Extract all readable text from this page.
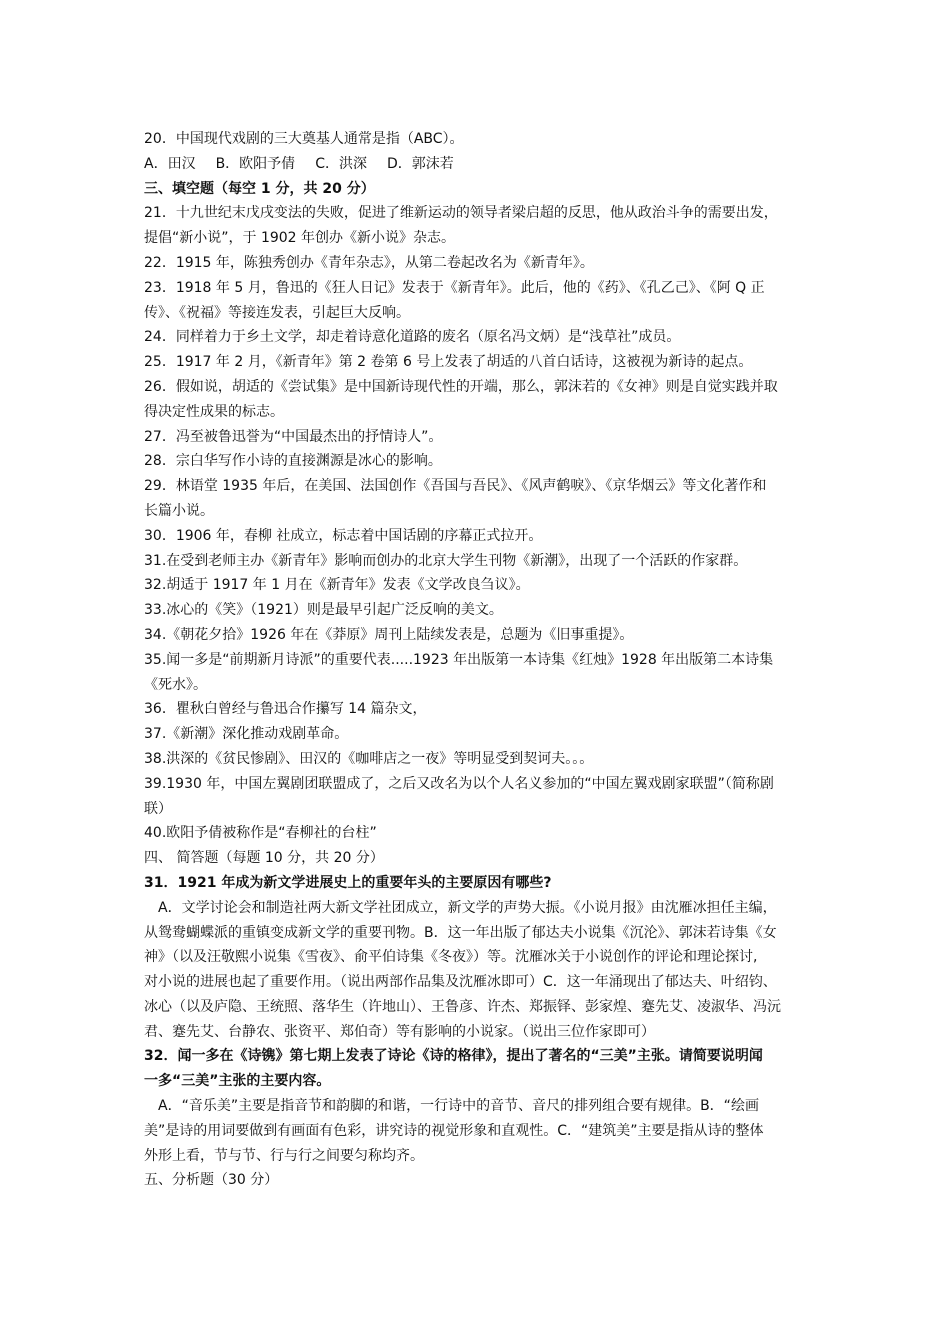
20．中国现代戏剧的三大奠基人通常是指（ABC）。
A．田汉 B．欧阳予倩 C．洪深 D．郭沫若
三、填空题（每空 1 分，共 20 分）
21．十九世纪末戊戌变法的失败，促进了维新运动的领导者梁启超的反思，他从政治斗争的需要出发，
提倡“新小说”，于 1902 年创办《新小说》杂志。
22．1915 年，陈独秀创办《青年杂志》，从第二卷起改名为《新青年》。
23．1918 年 5 月，鲁迅的《狂人日记》发表于《新青年》。此后，他的《药》、《孔乙己》、《阿 Q 正
传》、《祝福》等接连发表，引起巨大反响。
24．同样着力于乡土文学，却走着诗意化道路的废名（原名冯文炳）是“浅草社”成员。
25．1917 年 2 月，《新青年》第 2 卷第 6 号上发表了胡适的八首白话诗，这被视为新诗的起点。
26．假如说，胡适的《尝试集》是中国新诗现代性的开端，那么，郭沫若的《女神》则是自觉实践并取
得决定性成果的标志。
27．冯至被鲁迅誉为“中国最杰出的抒情诗人”。
28．宗白华写作小诗的直接渊源是冰心的影响。
29．林语堂 1935 年后，在美国、法国创作《吾国与吾民》、《风声鹤唳》、《京华烟云》等文化著作和
长篇小说。
30．1906 年，春柳 社成立，标志着中国话剧的序幕正式拉开。
31.在受到老师主办《新青年》影响而创办的北京大学生刊物《新潮》，出现了一个活跃的作家群。
32.胡适于 1917 年 1 月在《新青年》发表《文学改良刍议》。
33.冰心的《笑》（1921）则是最早引起广泛反响的美文。
34.《朝花夕拾》1926 年在《莽原》周刊上陆续发表是，总题为《旧事重提》。
35.闻一多是“前期新月诗派”的重要代表.....1923 年出版第一本诗集《红烛》1928 年出版第二本诗集
《死水》。
36．瞿秋白曾经与鲁迅合作攥写 14 篇杂文，
37.《新潮》深化推动戏剧革命。
38.洪深的《贫民惨剧》、田汉的《咖啡店之一夜》等明显受到契诃夫。。。
39.1930 年，中国左翼剧团联盟成了，之后又改名为以个人名义参加的“中国左翼戏剧家联盟”（简称剧
联）
40.欧阳予倩被称作是“春柳社的台柱”
四、 简答题（每题 10 分，共 20 分）
31．1921 年成为新文学进展史上的重要年头的主要原因有哪些?
A．文学讨论会和制造社两大新文学社团成立，新文学的声势大振。《小说月报》由沈雁冰担任主编，
从鸳鸯蝴蝶派的重镇变成新文学的重要刊物。B．这一年出版了郁达夫小说集《沉沦》、郭沫若诗集《女
神》（以及汪敬熙小说集《雪夜》、俞平伯诗集《冬夜》）等。沈雁冰关于小说创作的评论和理论探讨,
对小说的进展也起了重要作用。（说出两部作品集及沈雁冰即可）C．这一年涌现出了郁达夫、叶绍钧、
冰心（以及庐隐、王统照、落华生（许地山）、王鲁彦、许杰、郑振铎、彭家煌、蹇先艾、凌淑华、冯沅
君、蹇先艾、台静农、张资平、郑伯奇）等有影响的小说家。（说出三位作家即可）
32．闻一多在《诗镌》第七期上发表了诗论《诗的格律》，提出了著名的“三美”主张。请简要说明闻
一多“三美”主张的主要内容。
A．“音乐美”主要是指音节和韵脚的和谐，一行诗中的音节、音尺的排列组合要有规律。B．“绘画
美”是诗的用词要做到有画面有色彩，讲究诗的视觉形象和直观性。C．“建筑美”主要是指从诗的整体
外形上看，节与节、行与行之间要匀称均齐。
五、分析题（30 分）
